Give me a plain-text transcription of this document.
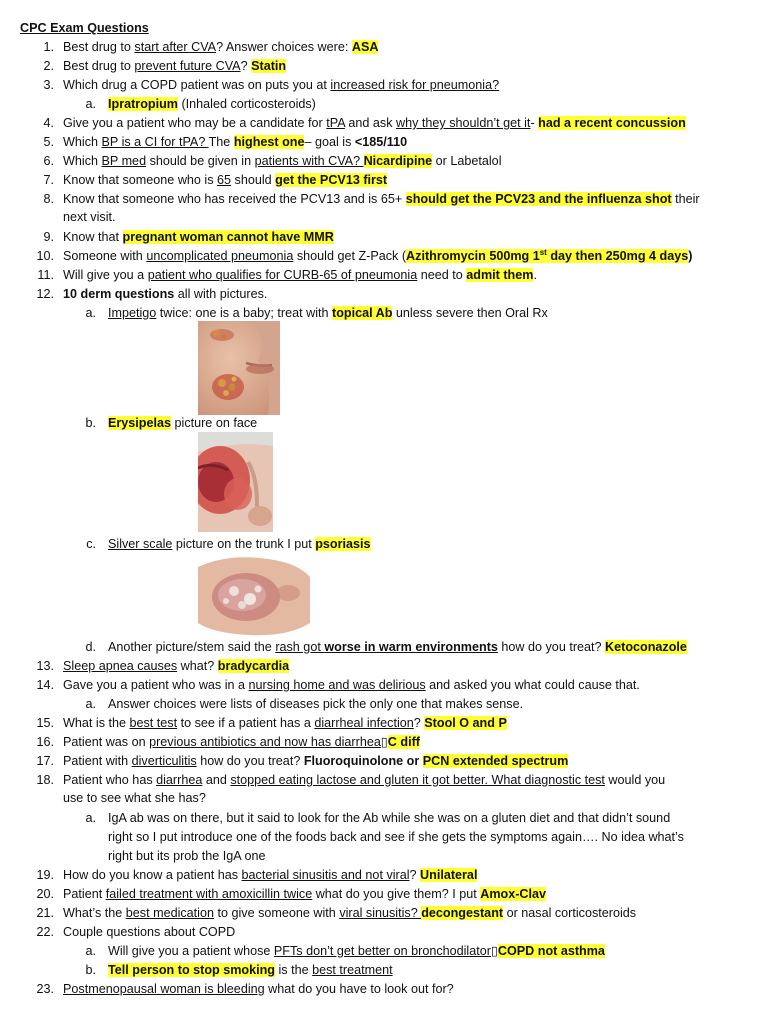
CPC Exam Questions
1. Best drug to start after CVA? Answer choices were: ASA
2. Best drug to prevent future CVA? Statin
3. Which drug a COPD patient was on puts you at increased risk for pneumonia?
a. Ipratropium (Inhaled corticosteroids)
4. Give you a patient who may be a candidate for tPA and ask why they shouldn’t get it- had a recent concussion
5. Which BP is a CI for tPA? The highest one– goal is <185/110
6. Which BP med should be given in patients with CVA? Nicardipine or Labetalol
7. Know that someone who is 65 should get the PCV13 first
8. Know that someone who has received the PCV13 and is 65+ should get the PCV23 and the influenza shot their
next visit.
9. Know that pregnant woman cannot have MMR
10. Someone with uncomplicated pneumonia should get Z-Pack (Azithromycin 500mg 1st day then 250mg 4 days)
11. Will give you a patient who qualifies for CURB-65 of pneumonia need to admit them.
12. 10 derm questions all with pictures.
a. Impetigo twice: one is a baby; treat with topical Ab unless severe then Oral Rx
b. Erysipelas picture on face
c. Silver scale picture on the trunk I put psoriasis
d. Another picture/stem said the rash got worse in warm environments how do you treat? Ketoconazole
13. Sleep apnea causes what? bradycardia
14. Gave you a patient who was in a nursing home and was delirious and asked you what could cause that.
a. Answer choices were lists of diseases pick the only one that makes sense.
15. What is the best test to see if a patient has a diarrheal infection? Stool O and P
16. Patient was on previous antibiotics and now has diarrhea▯C diff
17. Patient with diverticulitis how do you treat? Fluoroquinolone or PCN extended spectrum
18. Patient who has diarrhea and stopped eating lactose and gluten it got better. What diagnostic test would you
use to see what she has?
a. IgA ab was on there, but it said to look for the Ab while she was on a gluten diet and that didn’t sound
right so I put introduce one of the foods back and see if she gets the symptoms again…. No idea what’s
right but its prob the IgA one
19. How do you know a patient has bacterial sinusitis and not viral? Unilateral
20. Patient failed treatment with amoxicillin twice what do you give them? I put Amox-Clav
21. What’s the best medication to give someone with viral sinusitis? decongestant or nasal corticosteroids
22. Couple questions about COPD
a. Will give you a patient whose PFTs don’t get better on bronchodilator▯COPD not asthma
b. Tell person to stop smoking is the best treatment
23. Postmenopausal woman is bleeding what do you have to look out for?
